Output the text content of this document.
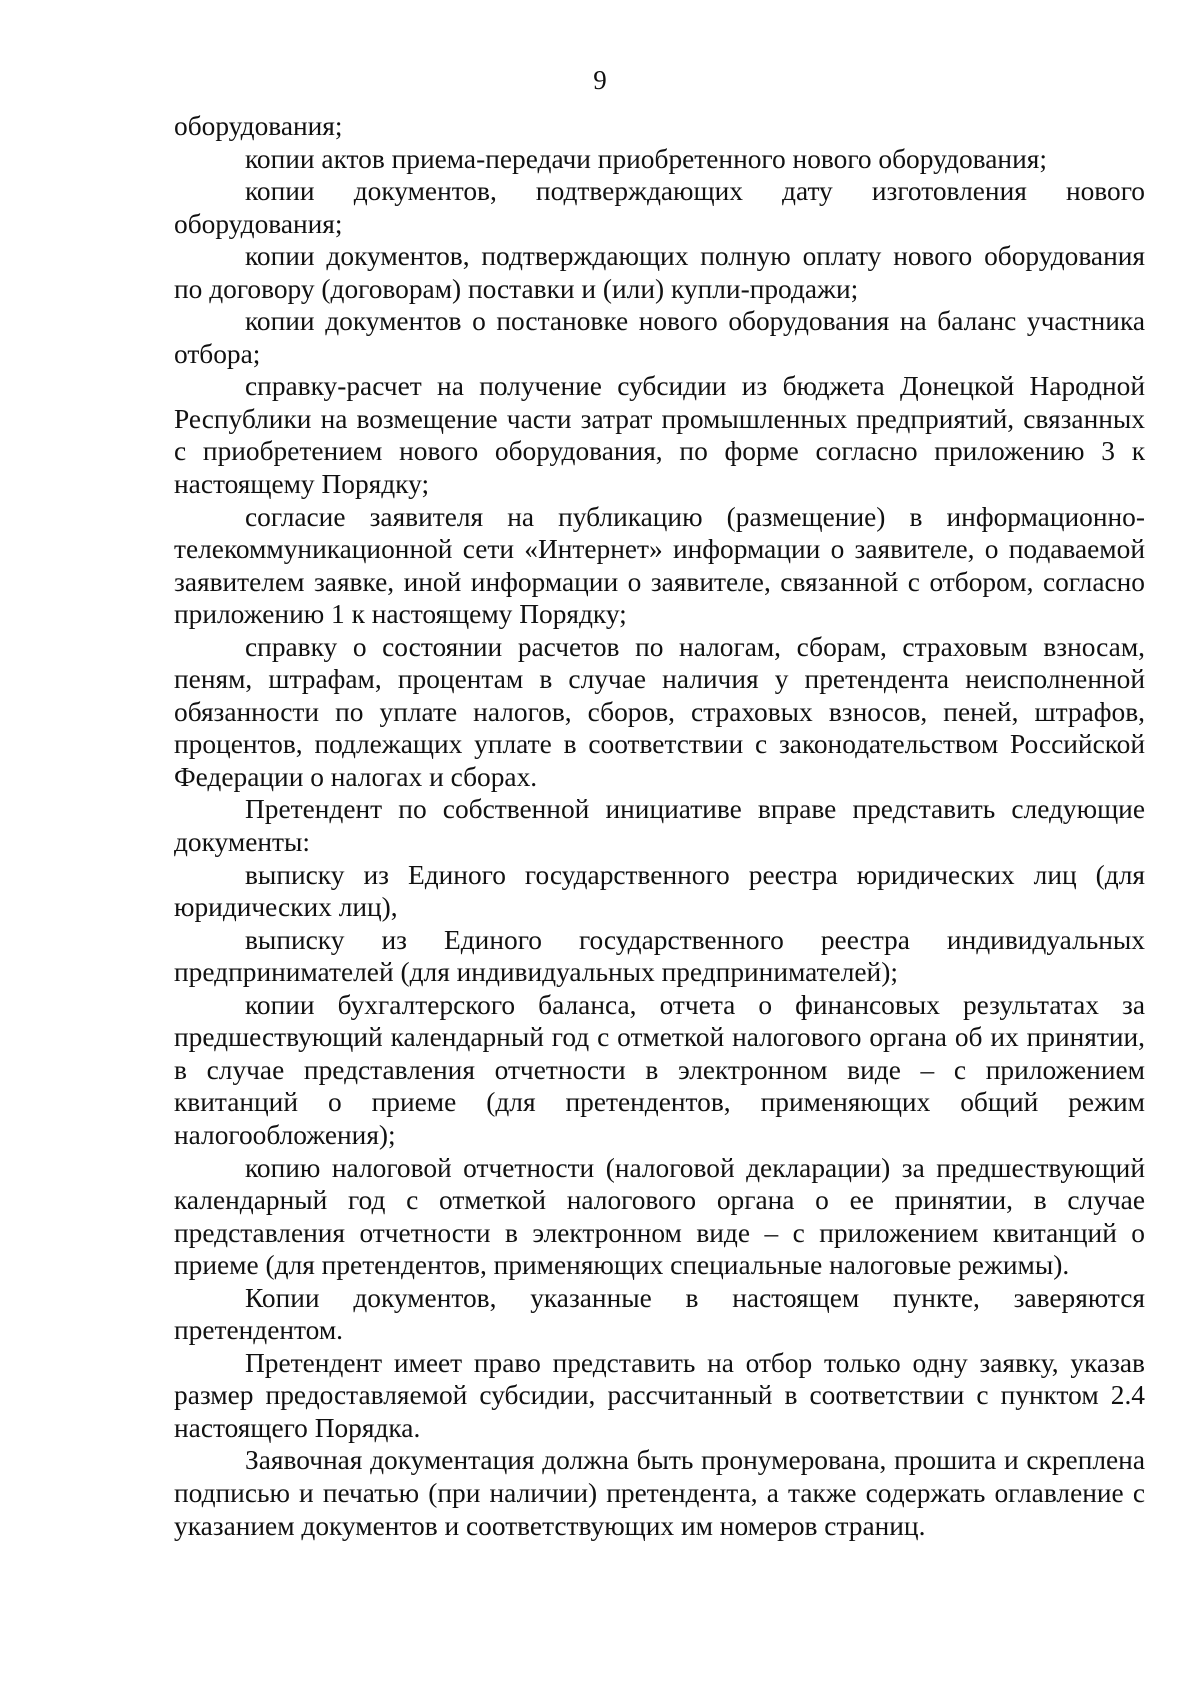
9

оборудования;

копии актов приема-передачи приобретенного нового оборудования;

копии документов, подтверждающих дату изготовления нового оборудования;

копии документов, подтверждающих полную оплату нового оборудования по договору (договорам) поставки и (или) купли-продажи;

копии документов о постановке нового оборудования на баланс участника отбора;

справку-расчет на получение субсидии из бюджета Донецкой Народной Республики на возмещение части затрат промышленных предприятий, связанных с приобретением нового оборудования, по форме согласно приложению 3 к настоящему Порядку;

согласие заявителя на публикацию (размещение) в информационно-телекоммуникационной сети «Интернет» информации о заявителе, о подаваемой заявителем заявке, иной информации о заявителе, связанной с отбором, согласно приложению 1 к настоящему Порядку;

справку о состоянии расчетов по налогам, сборам, страховым взносам, пеням, штрафам, процентам в случае наличия у претендента неисполненной обязанности по уплате налогов, сборов, страховых взносов, пеней, штрафов, процентов, подлежащих уплате в соответствии с законодательством Российской Федерации о налогах и сборах.

Претендент по собственной инициативе вправе представить следующие документы:

выписку из Единого государственного реестра юридических лиц (для юридических лиц),

выписку из Единого государственного реестра индивидуальных предпринимателей (для индивидуальных предпринимателей);

копии бухгалтерского баланса, отчета о финансовых результатах за предшествующий календарный год с отметкой налогового органа об их принятии, в случае представления отчетности в электронном виде – с приложением квитанций о приеме (для претендентов, применяющих общий режим налогообложения);

копию налоговой отчетности (налоговой декларации) за предшествующий календарный год с отметкой налогового органа о ее принятии, в случае представления отчетности в электронном виде – с приложением квитанций о приеме (для претендентов, применяющих специальные налоговые режимы).

Копии документов, указанные в настоящем пункте, заверяются претендентом.

Претендент имеет право представить на отбор только одну заявку, указав размер предоставляемой субсидии, рассчитанный в соответствии с пунктом 2.4 настоящего Порядка.

Заявочная документация должна быть пронумерована, прошита и скреплена подписью и печатью (при наличии) претендента, а также содержать оглавление с указанием документов и соответствующих им номеров страниц.
